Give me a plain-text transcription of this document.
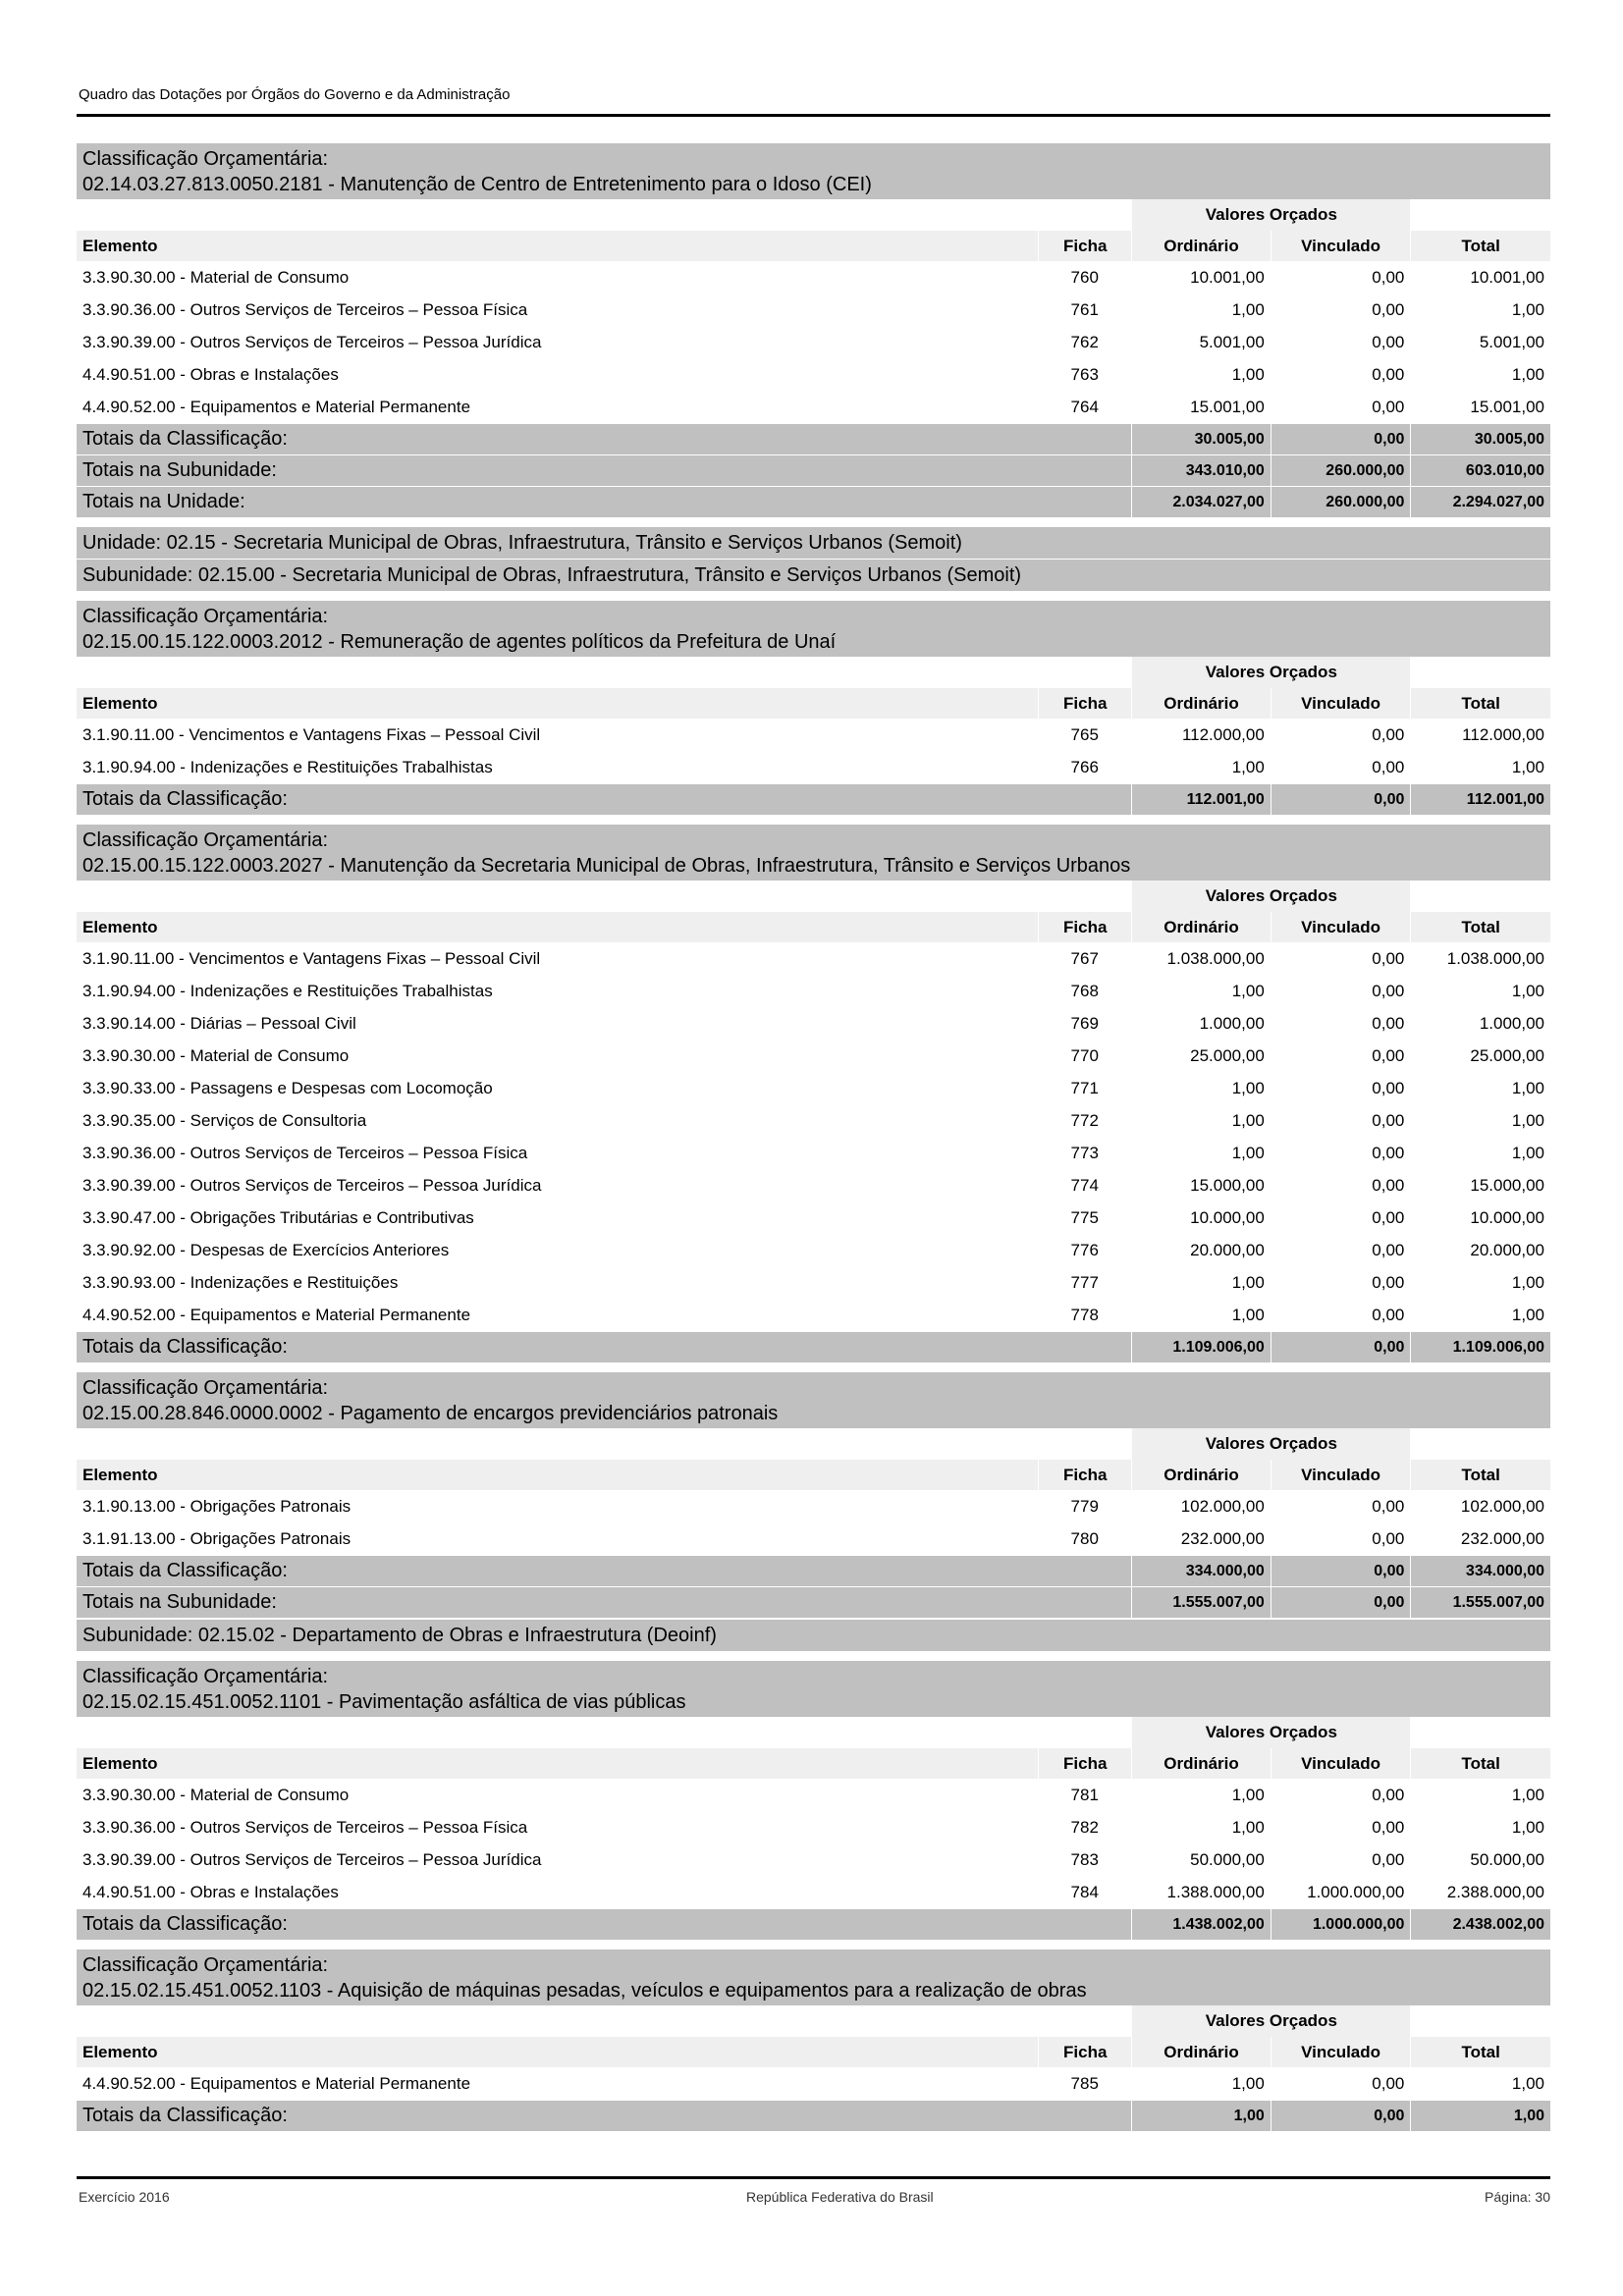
Quadro das Dotações por Órgãos do Governo e da Administração
Classificação Orçamentária:
02.14.03.27.813.0050.2181 - Manutenção de Centro de Entretenimento para o Idoso (CEI)
		Valores Orçados		
Elemento	Ficha	Ordinário	Vinculado	Total
3.3.90.30.00 - Material de Consumo	760	10.001,00	0,00	10.001,00
3.3.90.36.00 - Outros Serviços de Terceiros – Pessoa Física	761	1,00	0,00	1,00
3.3.90.39.00 - Outros Serviços de Terceiros – Pessoa Jurídica	762	5.001,00	0,00	5.001,00
4.4.90.51.00 - Obras e Instalações	763	1,00	0,00	1,00
4.4.90.52.00 - Equipamentos e Material Permanente	764	15.001,00	0,00	15.001,00
Totais da Classificação:		30.005,00	0,00	30.005,00
Totais na Subunidade:		343.010,00	260.000,00	603.010,00
Totais na Unidade:		2.034.027,00	260.000,00	2.294.027,00
Unidade: 02.15 - Secretaria Municipal de Obras, Infraestrutura, Trânsito e Serviços Urbanos (Semoit)
Subunidade: 02.15.00 - Secretaria Municipal de Obras, Infraestrutura, Trânsito e Serviços Urbanos (Semoit)
Classificação Orçamentária:
02.15.00.15.122.0003.2012 - Remuneração de agentes políticos da Prefeitura de Unaí
		Valores Orçados		
Elemento	Ficha	Ordinário	Vinculado	Total
3.1.90.11.00 - Vencimentos e Vantagens Fixas – Pessoal Civil	765	112.000,00	0,00	112.000,00
3.1.90.94.00 - Indenizações e Restituições Trabalhistas	766	1,00	0,00	1,00
Totais da Classificação:		112.001,00	0,00	112.001,00
Classificação Orçamentária:
02.15.00.15.122.0003.2027 - Manutenção da Secretaria Municipal de Obras, Infraestrutura, Trânsito e Serviços Urbanos
		Valores Orçados		
Elemento	Ficha	Ordinário	Vinculado	Total
3.1.90.11.00 - Vencimentos e Vantagens Fixas – Pessoal Civil	767	1.038.000,00	0,00	1.038.000,00
3.1.90.94.00 - Indenizações e Restituições Trabalhistas	768	1,00	0,00	1,00
3.3.90.14.00 - Diárias – Pessoal Civil	769	1.000,00	0,00	1.000,00
3.3.90.30.00 - Material de Consumo	770	25.000,00	0,00	25.000,00
3.3.90.33.00 - Passagens e Despesas com Locomoção	771	1,00	0,00	1,00
3.3.90.35.00 - Serviços de Consultoria	772	1,00	0,00	1,00
3.3.90.36.00 - Outros Serviços de Terceiros – Pessoa Física	773	1,00	0,00	1,00
3.3.90.39.00 - Outros Serviços de Terceiros – Pessoa Jurídica	774	15.000,00	0,00	15.000,00
3.3.90.47.00 - Obrigações Tributárias e Contributivas	775	10.000,00	0,00	10.000,00
3.3.90.92.00 - Despesas de Exercícios Anteriores	776	20.000,00	0,00	20.000,00
3.3.90.93.00 - Indenizações e Restituições	777	1,00	0,00	1,00
4.4.90.52.00 - Equipamentos e Material Permanente	778	1,00	0,00	1,00
Totais da Classificação:		1.109.006,00	0,00	1.109.006,00
Classificação Orçamentária:
02.15.00.28.846.0000.0002 - Pagamento de encargos previdenciários patronais
		Valores Orçados		
Elemento	Ficha	Ordinário	Vinculado	Total
3.1.90.13.00 - Obrigações Patronais	779	102.000,00	0,00	102.000,00
3.1.91.13.00 - Obrigações Patronais	780	232.000,00	0,00	232.000,00
Totais da Classificação:		334.000,00	0,00	334.000,00
Totais na Subunidade:		1.555.007,00	0,00	1.555.007,00
Subunidade: 02.15.02 - Departamento de Obras e Infraestrutura (Deoinf)
Classificação Orçamentária:
02.15.02.15.451.0052.1101 - Pavimentação asfáltica de vias públicas
		Valores Orçados		
Elemento	Ficha	Ordinário	Vinculado	Total
3.3.90.30.00 - Material de Consumo	781	1,00	0,00	1,00
3.3.90.36.00 - Outros Serviços de Terceiros – Pessoa Física	782	1,00	0,00	1,00
3.3.90.39.00 - Outros Serviços de Terceiros – Pessoa Jurídica	783	50.000,00	0,00	50.000,00
4.4.90.51.00 - Obras e Instalações	784	1.388.000,00	1.000.000,00	2.388.000,00
Totais da Classificação:		1.438.002,00	1.000.000,00	2.438.002,00
Classificação Orçamentária:
02.15.02.15.451.0052.1103 - Aquisição de máquinas pesadas, veículos e equipamentos para a realização de obras
		Valores Orçados		
Elemento	Ficha	Ordinário	Vinculado	Total
4.4.90.52.00 - Equipamentos e Material Permanente	785	1,00	0,00	1,00
Totais da Classificação:		1,00	0,00	1,00
Exercício 2016	República Federativa do Brasil	Página: 30
